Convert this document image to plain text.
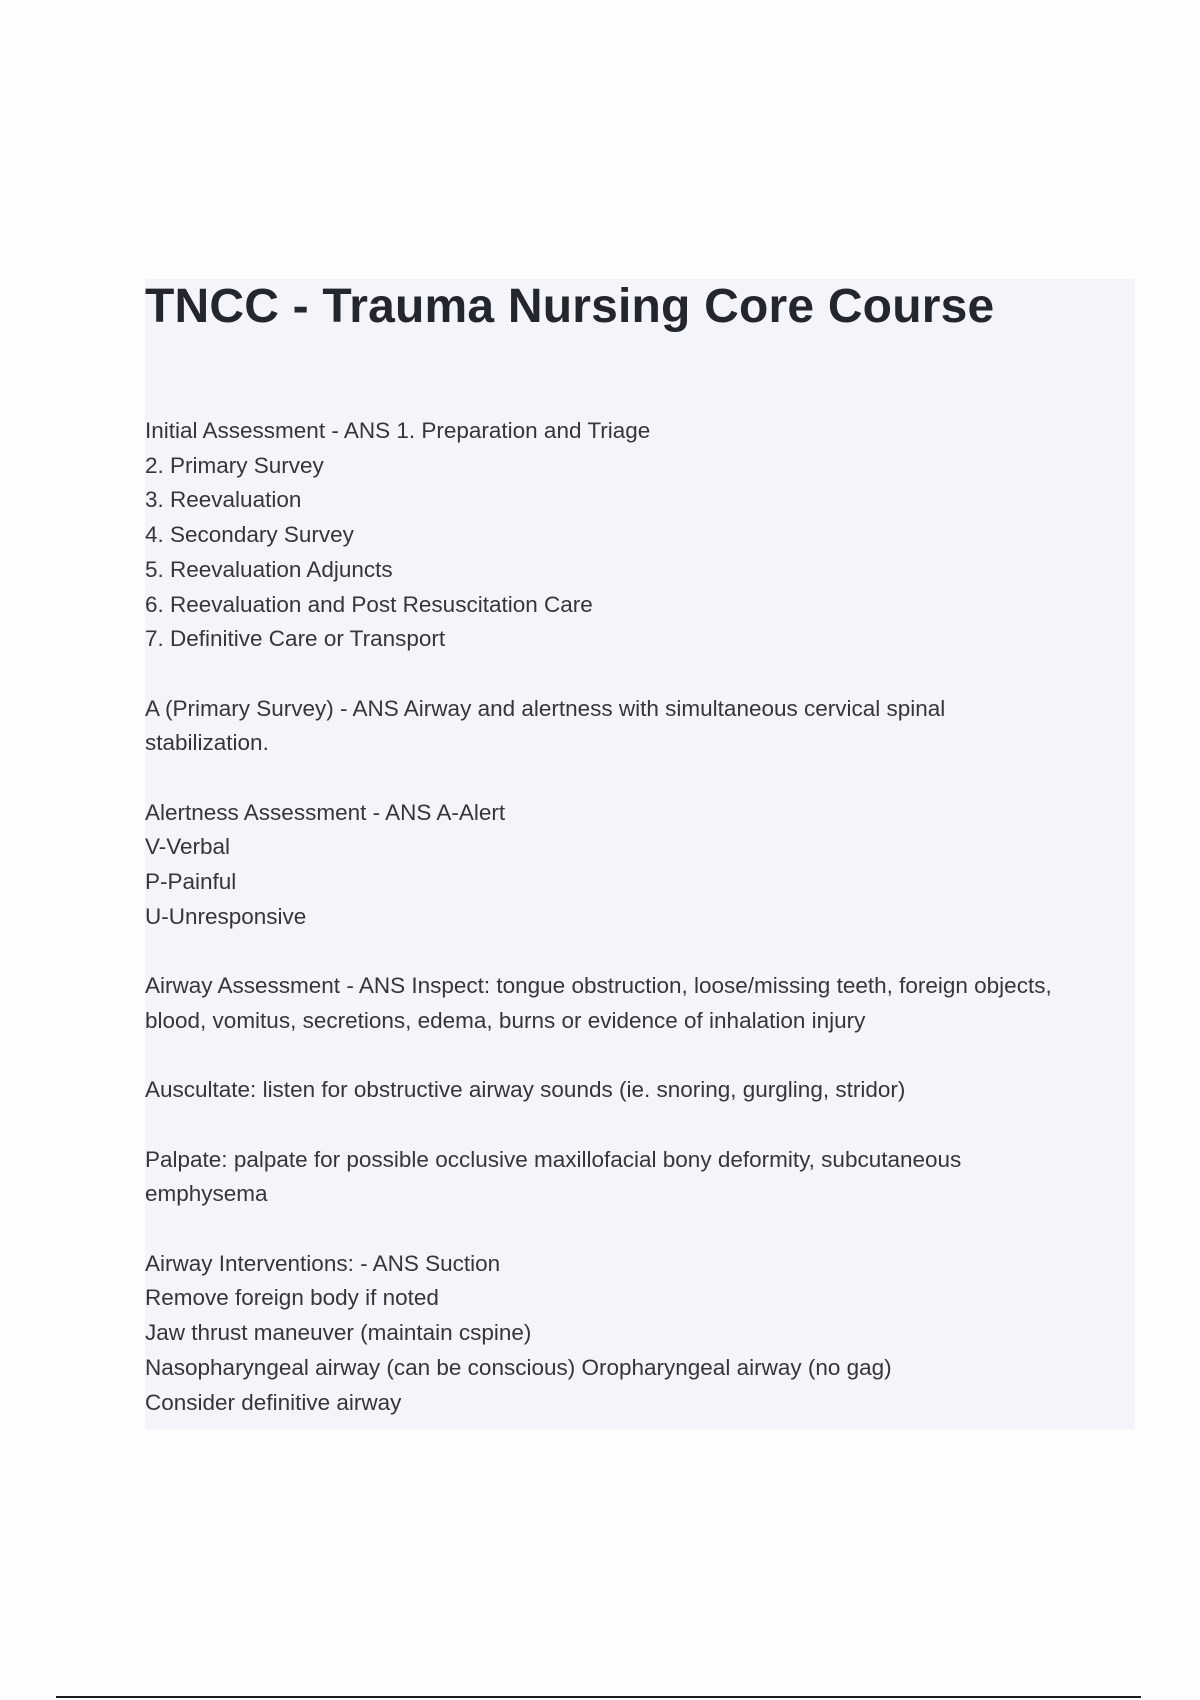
TNCC - Trauma Nursing Core Course
Initial Assessment - ANS 1. Preparation and Triage
2. Primary Survey
3. Reevaluation
4. Secondary Survey
5. Reevaluation Adjuncts
6. Reevaluation and Post Resuscitation Care
7. Definitive Care or Transport
A (Primary Survey) - ANS Airway and alertness with simultaneous cervical spinal
stabilization.
Alertness Assessment - ANS A-Alert
V-Verbal
P-Painful
U-Unresponsive
Airway Assessment - ANS Inspect: tongue obstruction, loose/missing teeth, foreign objects,
blood, vomitus, secretions, edema, burns or evidence of inhalation injury
Auscultate: listen for obstructive airway sounds (ie. snoring, gurgling, stridor)
Palpate: palpate for possible occlusive maxillofacial bony deformity, subcutaneous
emphysema
Airway Interventions: - ANS Suction
Remove foreign body if noted
Jaw thrust maneuver (maintain cspine)
Nasopharyngeal airway (can be conscious) Oropharyngeal airway (no gag)
Consider definitive airway
